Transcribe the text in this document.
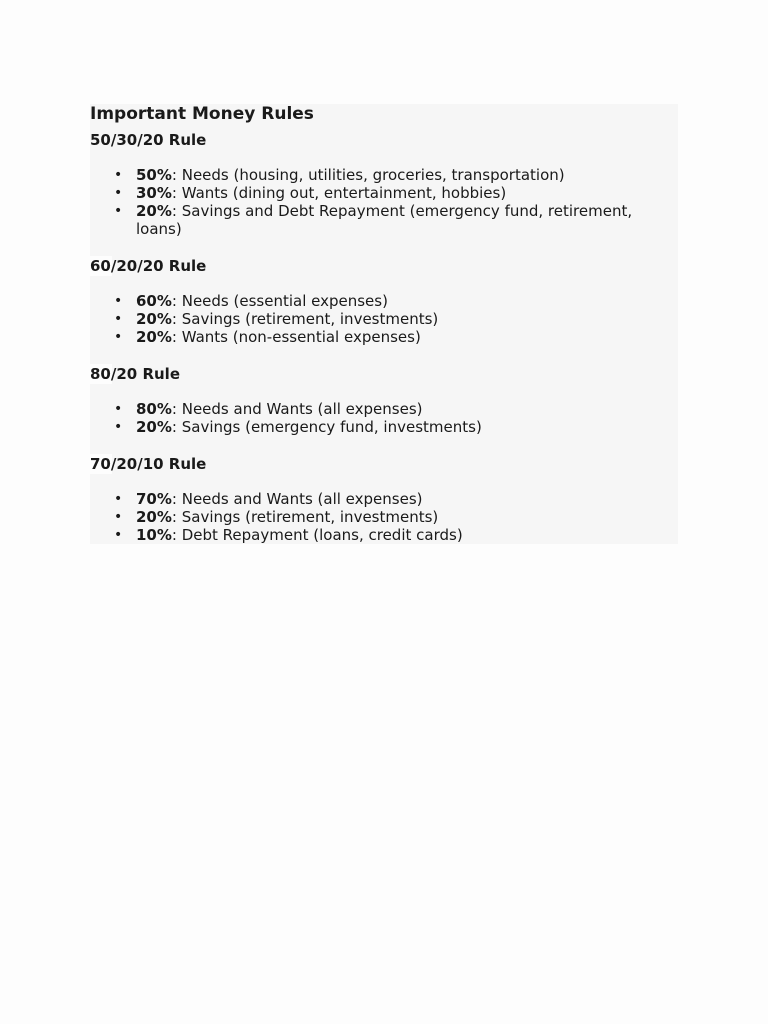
Important Money Rules
50/30/20 Rule
• 50%: Needs (housing, utilities, groceries, transportation)
• 30%: Wants (dining out, entertainment, hobbies)
• 20%: Savings and Debt Repayment (emergency fund, retirement, loans)
60/20/20 Rule
• 60%: Needs (essential expenses)
• 20%: Savings (retirement, investments)
• 20%: Wants (non-essential expenses)
80/20 Rule
• 80%: Needs and Wants (all expenses)
• 20%: Savings (emergency fund, investments)
70/20/10 Rule
• 70%: Needs and Wants (all expenses)
• 20%: Savings (retirement, investments)
• 10%: Debt Repayment (loans, credit cards)
